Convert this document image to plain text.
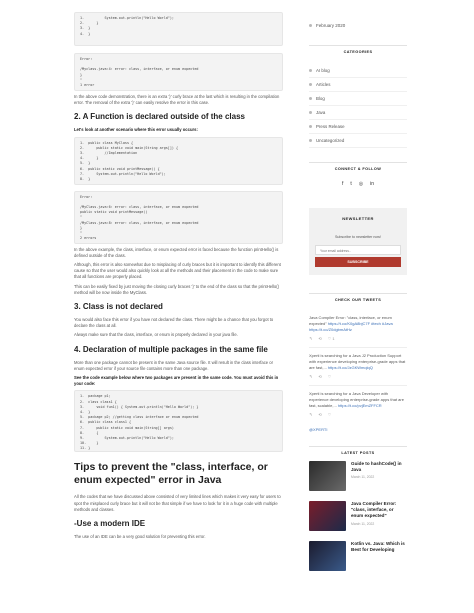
1.          System.out.println("Hello World");
2.      }
3.  }
4.  }
Error:

/Myclass.java:4: error: class, interface, or enum expected
}
^
1 error

In the above code demonstration, there is an extra '}' curly brace at the last which is resulting in the compilation error. The removal of the extra '}' can easily resolve the error in this case.

2. A Function is declared outside of the class

Let's look at another scenario where this error usually occurs:

1.  public class MyClass {
2.      public static void main(String args[]) {
3.          //Implementation
4.      }
5.  }
6.  public static void printMessage() {
7.      System.out.println("Hello World");
8.  }
Error:

/MyClass.java:6: error: class, interface, or enum expected
public static void printMessage()
^
/MyClass.java:8: error: class, interface, or enum expected
}
^
2 errors

In the above example, the class, interface, or enum expected error is faced because the function printHello() is defined outside of the class.

Although, this error is also somewhat due to misplacing of curly braces but it is important to identify this different cause so that the user would also quickly look at all the methods and their placement in the code to make sure that all functions are properly placed.

This can be easily fixed by just moving the closing curly braces '}' to the end of the class so that the printHello() method will be now inside the MyClass.

3. Class is not declared

You would also face this error if you have not declared the class. There might be a chance that you forgot to declare the class at all.

Always make sure that the class, interface, or enum is properly declared in your java file.

4. Declaration of multiple packages in the same file

More than one package cannot be present in the same Java source file. It will result in the class interface or enum expected error if your source file contains more than one package.

See the code example below where two packages are present in the same code. You must avoid this in your code:

1.  package p1;
2.  class class1 {
3.      void fun1() { System.out.println("Hello World"); }
4.  }
5.  package p2; //getting class interface or enum expected
6.  public class class1 {
7.      public static void main(String[] args)
8.      {
9.          System.out.println("Hello World");
10.     }
11. }
Tips to prevent the "class, interface, or enum expected" error in Java

All the codes that we have discussed above consisted of very limited lines which makes it very easy for users to spot the misplaced curly brace but it will not be that simple if we have to look for it in a huge code with multiple methods and classes.

-Use a modern IDE

The use of an IDE can be a very good solution for preventing this error.

February 2020
CATEGORIES
AI blog
Articles
Blog
Java
Press Release
Uncategorized
CONNECT & FOLLOW
f t ◎ in
NEWSLETTER
Subscribe to newsletter now!
Your email address..
SUBSCRIBE
CHECK OUR TWEETS
Java Compiler Error: "class, interface, or enum expected" https://t.co/K0gA8bjC7F #tech #Java https://t.co/Z0dgbmAtHz
↰ ⟲ ♡ 1
Xperti is searching for a Java J2 Production Support with experience developing enterprise-grade apps that are fast,... https://t.co/JzGKWmqlqQ
↰ ⟲ ♡
Xperti is searching for a Java Developer with experience developing enterprise-grade apps that are fast, scalable,... https://t.co/pvjEmZFFCR
↰ ⟲ ♡
@XPERTI
LATEST POSTS
Guide to hashCode() in Java
March 11, 2022
Java Compiler Error: "class, interface, or enum expected"
March 11, 2022
Kotlin vs. Java: Which is Best for Developing
